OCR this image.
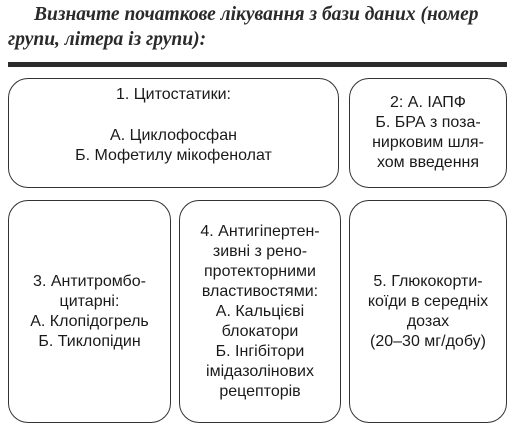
Визначте початкове лікування з бази даних (номер
групи, літера із групи):
1. Цитостатики:
А. Циклофосфан
Б. Мофетилу мікофенолат
2: А. ІАПФ
Б. БРА з поза-
нирковим шля-
хом введення
3. Антитромбо-
цитарні:
А. Клопідогрель
Б. Тиклопідин
4. Антигіпертен-
зивні з рено-
протекторними
властивостями:
А. Кальцієві
блокатори
Б. Інгібітори
імідазолінових
рецепторів
5. Глюкокорти-
коїди в середніх
дозах
(20–30 мг/добу)
